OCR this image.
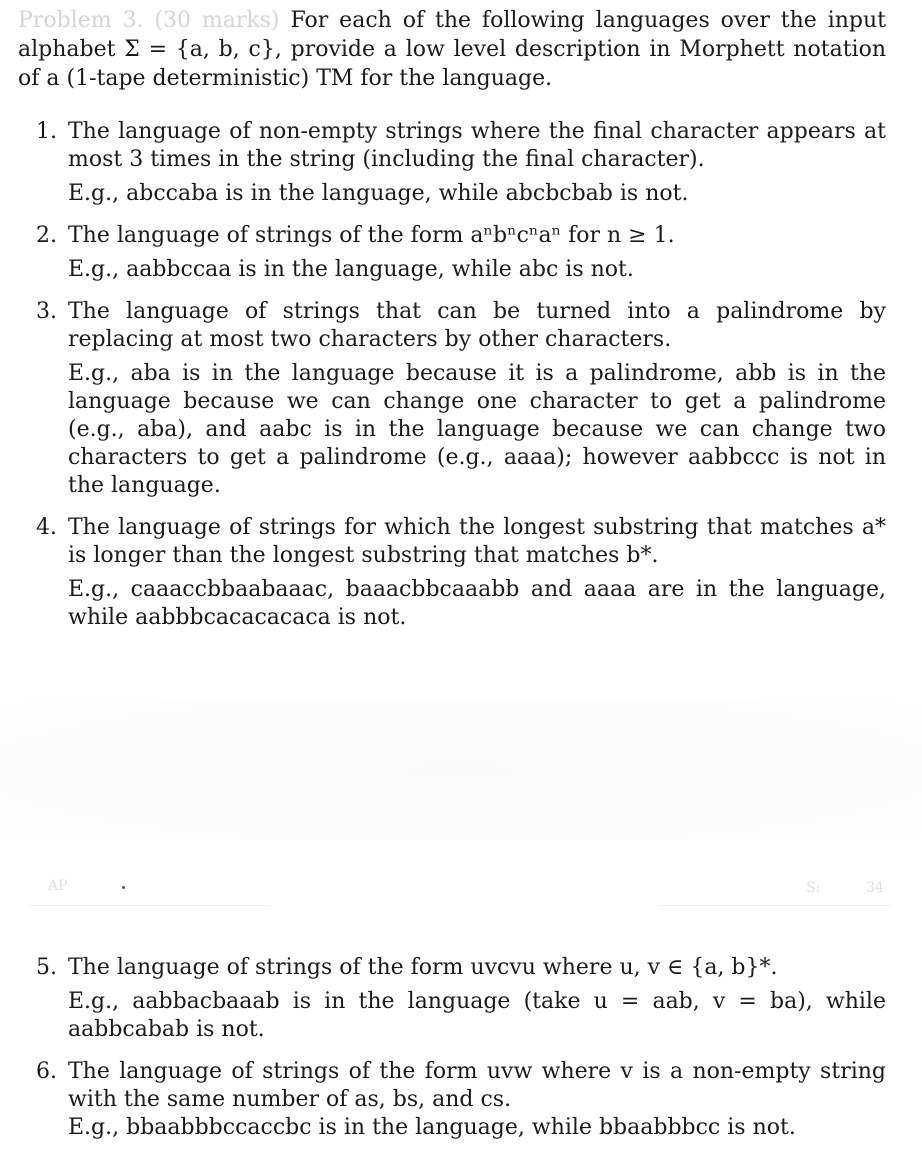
Problem 3. (30 marks) For each of the following languages over the input alphabet Σ = {a, b, c}, provide a low level description in Morphett notation of a (1-tape deterministic) TM for the language.
1. The language of non-empty strings where the final character appears at most 3 times in the string (including the final character).
E.g., abccaba is in the language, while abcbcbab is not.
2. The language of strings of the form aⁿbⁿcⁿaⁿ for n ≥ 1.
E.g., aabbccaa is in the language, while abc is not.
3. The language of strings that can be turned into a palindrome by replacing at most two characters by other characters.
E.g., aba is in the language because it is a palindrome, abb is in the language because we can change one character to get a palindrome (e.g., aba), and aabc is in the language because we can change two characters to get a palindrome (e.g., aaaa); however aabbccc is not in the language.
4. The language of strings for which the longest substring that matches a* is longer than the longest substring that matches b*.
E.g., caaaccbbaabaaac, baaacbbcaaabb and aaaa are in the language, while aabbbcacacacaca is not.
AP	S:	34
5. The language of strings of the form uvcvu where u, v ∈ {a, b}*.
E.g., aabbacbaaab is in the language (take u = aab, v = ba), while aabbcabab is not.
6. The language of strings of the form uvw where v is a non-empty string with the same number of as, bs, and cs.
E.g., bbaabbbccaccbc is in the language, while bbaabbbcc is not.
